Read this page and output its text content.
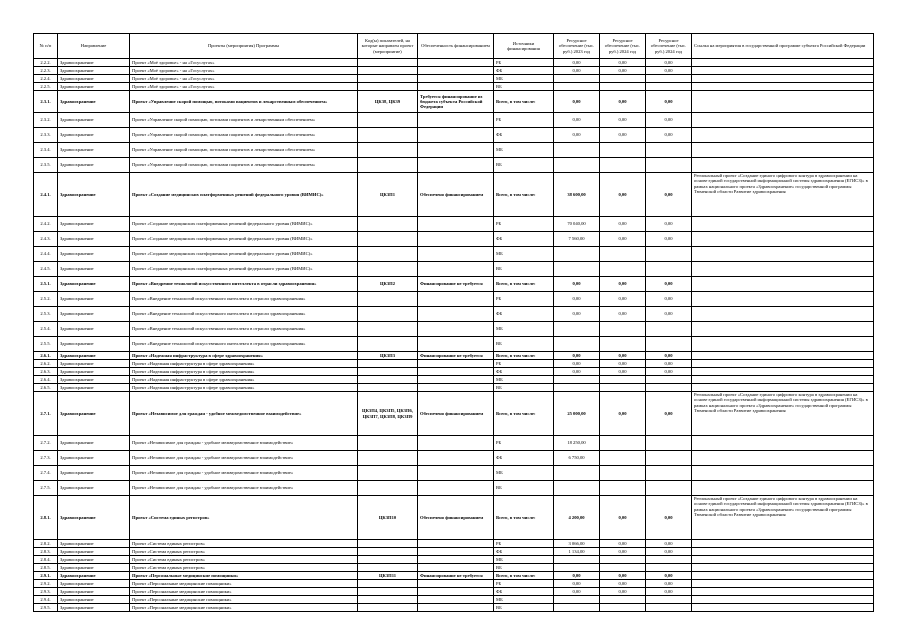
№ п/п	Направление	Проекты (мероприятия) Программы	Код(ы) показателей, на которые направлен проект (мероприятие)	Обеспеченность финансированием	Источники финансирования	Ресурсное обеспечение (тыс. руб.) 2023 год	Ресурсное обеспечение (тыс. руб.) 2024 год	Ресурсное обеспечение (тыс. руб.) 2024 год	Ссылка на мероприятия в государственной программе субъекта Российской Федерации
2.2.2.	Здравоохранение	Проект «Моё здоровье» - на «Госуслугах»			РБ	0,00	0,00	0,00	
2.2.3.	Здравоохранение	Проект «Моё здоровье» - на «Госуслугах»			ФБ	0,00	0,00	0,00	
2.2.4.	Здравоохранение	Проект «Моё здоровье» - на «Госуслугах»			МБ				
2.2.5.	Здравоохранение	Проект «Моё здоровье» - на «Госуслугах»			ВБ				
2.3.1.	Здравоохранение	Проект «Управление скорой помощью, потоками пациентов и лекарственным обеспечением»	ЦК38, ЦК39	Требуется финансирование из бюджета субъекта Российской Федерации	Всего, в том числе:	0,00	0,00	0,00	
2.3.2.	Здравоохранение	Проект «Управление скорой помощью, потоками пациентов и лекарственным обеспечением»			РБ	0,00	0,00	0,00	
2.3.3.	Здравоохранение	Проект «Управление скорой помощью, потоками пациентов и лекарственным обеспечением»			ФБ	0,00	0,00	0,00	
2.3.4.	Здравоохранение	Проект «Управление скорой помощью, потоками пациентов и лекарственным обеспечением»			МБ				
2.3.5.	Здравоохранение	Проект «Управление скорой помощью, потоками пациентов и лекарственным обеспечением»			ВБ				
2.4.1.	Здравоохранение	Проект «Создание медицинских платформенных решений федерального уровня (ВИМИС)»	ЦК3П1	Обеспечено финансированием	Всего, в том числе:	38 600,00	0,00	0,00	Региональный проект «Создание единого цифрового контура в здравоохранении на основе единой государственной информационной системы здравоохранения (ЕГИСЗ)» в рамках национального проекта «Здравоохранение» государственной программы Тюменской области Развитие здравоохранения
2.4.2.	Здравоохранение	Проект «Создание медицинских платформенных решений федерального уровня (ВИМИС)»			РБ	70 040,00	0,00	0,00	
2.4.3.	Здравоохранение	Проект «Создание медицинских платформенных решений федерального уровня (ВИМИС)»			ФБ	7 560,00	0,00	0,00	
2.4.4.	Здравоохранение	Проект «Создание медицинских платформенных решений федерального уровня (ВИМИС)»			МБ				
2.4.5.	Здравоохранение	Проект «Создание медицинских платформенных решений федерального уровня (ВИМИС)»			ВБ				
2.5.1.	Здравоохранение	Проект «Внедрение технологий искусственного интеллекта в отрасли здравоохранения»	ЦК3П2	Финансирование не требуется	Всего, в том числе:	0,00	0,00	0,00	
2.5.2.	Здравоохранение	Проект «Внедрение технологий искусственного интеллекта в отрасли здравоохранения»			РБ	0,00	0,00	0,00	
2.5.3.	Здравоохранение	Проект «Внедрение технологий искусственного интеллекта в отрасли здравоохранения»			ФБ	0,00	0,00	0,00	
2.5.4.	Здравоохранение	Проект «Внедрение технологий искусственного интеллекта в отрасли здравоохранения»			МБ				
2.5.5.	Здравоохранение	Проект «Внедрение технологий искусственного интеллекта в отрасли здравоохранения»			ВБ				
2.6.1.	Здравоохранение	Проект «Надежная инфраструктура в сфере здравоохранения»	ЦК3П3	Финансирование не требуется	Всего, в том числе:	0,00	0,00	0,00	
2.6.2.	Здравоохранение	Проект «Надежная инфраструктура в сфере здравоохранения»			РБ	0,00	0,00	0,00	
2.6.3.	Здравоохранение	Проект «Надежная инфраструктура в сфере здравоохранения»			ФБ	0,00	0,00	0,00	
2.6.4.	Здравоохранение	Проект «Надежная инфраструктура в сфере здравоохранения»			МБ				
2.6.5.	Здравоохранение	Проект «Надежная инфраструктура в сфере здравоохранения»			ВБ				
2.7.1.	Здравоохранение	Проект «Независимое для граждан - удобное межведомственное взаимодействие»	ЦК3П4, ЦК3П5, ЦК3П6, ЦК3П7, ЦК3П8, ЦК3П9	Обеспечено финансированием	Всего, в том числе:	25 000,00	0,00	0,00	Региональный проект «Создание единого цифрового контура в здравоохранении на основе единой государственной информационной системы здравоохранения (ЕГИСЗ)» в рамках национального проекта «Здравоохранение» государственной программы Тюменской области Развитие здравоохранения
2.7.2.	Здравоохранение	Проект «Независимое для граждан - удобное межведомственное взаимодействие»			РБ	18 250,00			
2.7.3.	Здравоохранение	Проект «Независимое для граждан - удобное межведомственное взаимодействие»			ФБ	6 750,00			
2.7.4.	Здравоохранение	Проект «Независимое для граждан - удобное межведомственное взаимодействие»			МБ				
2.7.5.	Здравоохранение	Проект «Независимое для граждан - удобное межведомственное взаимодействие»			ВБ				
2.8.1.	Здравоохранение	Проект «Система единых регистров»	ЦК3П10	Обеспечено финансированием	Всего, в том числе:	4 200,00	0,00	0,00	Региональный проект «Создание единого цифрового контура в здравоохранении на основе единой государственной информационной системы здравоохранения (ЕГИСЗ)» в рамках национального проекта «Здравоохранение» государственной программы Тюменской области Развитие здравоохранения
2.8.2.	Здравоохранение	Проект «Система единых регистров»			РБ	3 066,00	0,00	0,00	
2.8.3.	Здравоохранение	Проект «Система единых регистров»			ФБ	1 134,00	0,00	0,00	
2.8.4.	Здравоохранение	Проект «Система единых регистров»			МБ				
2.8.5.	Здравоохранение	Проект «Система единых регистров»			ВБ				
2.9.1.	Здравоохранение	Проект «Персональные медицинские помощники»	ЦК3П11	Финансирование не требуется	Всего, в том числе:	0,00	0,00	0,00	
2.9.2.	Здравоохранение	Проект «Персональные медицинские помощники»			РБ	0,00	0,00	0,00	
2.9.3.	Здравоохранение	Проект «Персональные медицинские помощники»			ФБ	0,00	0,00	0,00	
2.9.4.	Здравоохранение	Проект «Персональные медицинские помощники»			МБ				
2.9.5.	Здравоохранение	Проект «Персональные медицинские помощники»			ВБ				
